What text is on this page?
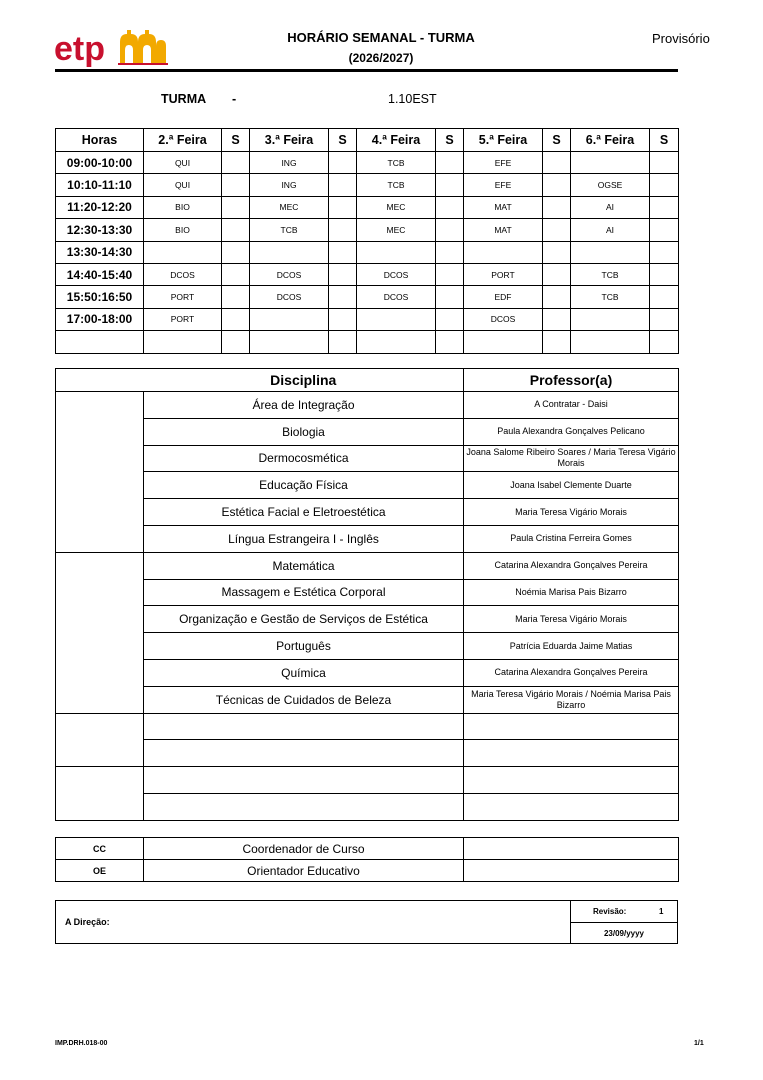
etp	HORÁRIO SEMANAL - TURMA
(2026/2027)
Provisório
TURMA -	1.10EST
Horas	2.ª Feira	S	3.ª Feira	S	4.ª Feira	S	5.ª Feira	S	6.ª Feira	S
09:00-10:00	QUI		ING		TCB		EFE			
10:10-11:10	QUI		ING		TCB		EFE		OGSE	
11:20-12:20	BIO		MEC		MEC		MAT		AI	
12:30-13:30	BIO		TCB		MEC		MAT		AI	
13:30-14:30										
14:40-15:40	DCOS		DCOS		DCOS		PORT		TCB	
15:50:16:50	PORT		DCOS		DCOS		EDF		TCB	
17:00-18:00	PORT						DCOS			

	Disciplina	Professor(a)
	Área de Integração	A Contratar - Daisi
	Biologia	Paula Alexandra Gonçalves Pelicano
	Dermocosmética	Joana Salome Ribeiro Soares / Maria Teresa Vigário Morais
	Educação Física	Joana Isabel Clemente Duarte
	Estética Facial e Eletroestética	Maria Teresa Vigário Morais
	Língua Estrangeira I - Inglês	Paula Cristina Ferreira Gomes
	Matemática	Catarina Alexandra Gonçalves Pereira
	Massagem e Estética Corporal	Noémia Marisa Pais Bizarro
	Organização e Gestão de Serviços de Estética	Maria Teresa Vigário Morais
	Português	Patrícia Eduarda Jaime Matias
	Química	Catarina Alexandra Gonçalves Pereira
	Técnicas de Cuidados de Beleza	Maria Teresa Vigário Morais / Noémia Marisa Pais Bizarro

CC	Coordenador de Curso	
OE	Orientador Educativo	
A Direção:
Revisão:	1
23/09/yyyy
IMP.DRH.018-00	1/1
